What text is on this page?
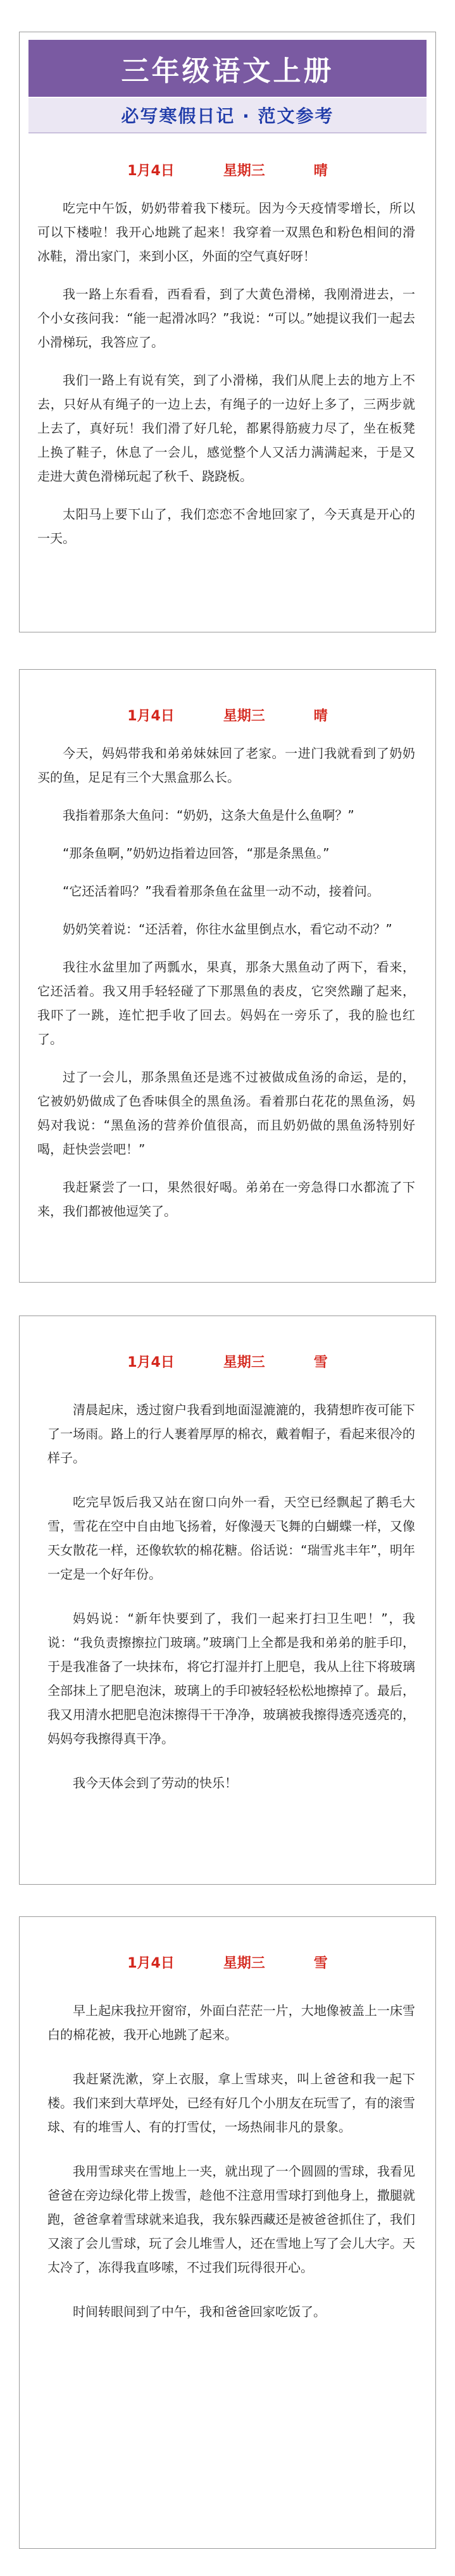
三年级语文上册
必写寒假日记 · 范文参考
1月4日	星期三	晴

吃完中午饭，奶奶带着我下楼玩。因为今天疫情零增长，所以可以下楼啦！我开心地跳了起来！我穿着一双黑色和粉色相间的滑冰鞋，滑出家门，来到小区，外面的空气真好呀！

我一路上东看看，西看看，到了大黄色滑梯，我刚滑进去，一个小女孩问我：“能一起滑冰吗？”我说：“可以。”她提议我们一起去小滑梯玩，我答应了。

我们一路上有说有笑，到了小滑梯，我们从爬上去的地方上不去，只好从有绳子的一边上去，有绳子的一边好上多了，三两步就上去了，真好玩！我们滑了好几轮，都累得筋疲力尽了，坐在板凳上换了鞋子，休息了一会儿，感觉整个人又活力满满起来，于是又走进大黄色滑梯玩起了秋千、跷跷板。

太阳马上要下山了，我们恋恋不舍地回家了，今天真是开心的一天。

1月4日	星期三	晴

今天，妈妈带我和弟弟妹妹回了老家。一进门我就看到了奶奶买的鱼，足足有三个大黑盒那么长。

我指着那条大鱼问：“奶奶，这条大鱼是什么鱼啊？”

“那条鱼啊，”奶奶边指着边回答，“那是条黑鱼。”

“它还活着吗？”我看着那条鱼在盆里一动不动，接着问。

奶奶笑着说：“还活着，你往水盆里倒点水，看它动不动？”

我往水盆里加了两瓢水，果真，那条大黑鱼动了两下，看来，它还活着。我又用手轻轻碰了下那黑鱼的表皮，它突然蹦了起来，我吓了一跳，连忙把手收了回去。妈妈在一旁乐了，我的脸也红了。

过了一会儿，那条黑鱼还是逃不过被做成鱼汤的命运，是的，它被奶奶做成了色香味俱全的黑鱼汤。看着那白花花的黑鱼汤，妈妈对我说：“黑鱼汤的营养价值很高，而且奶奶做的黑鱼汤特别好喝，赶快尝尝吧！”

我赶紧尝了一口，果然很好喝。弟弟在一旁急得口水都流了下来，我们都被他逗笑了。

1月4日	星期三	雪

清晨起床，透过窗户我看到地面湿漉漉的，我猜想昨夜可能下了一场雨。路上的行人裹着厚厚的棉衣，戴着帽子，看起来很冷的样子。

吃完早饭后我又站在窗口向外一看，天空已经飘起了鹅毛大雪，雪花在空中自由地飞扬着，好像漫天飞舞的白蝴蝶一样，又像天女散花一样，还像软软的棉花糖。俗话说：“瑞雪兆丰年”，明年一定是一个好年份。

妈妈说：“新年快要到了，我们一起来打扫卫生吧！”，我说：“我负责擦擦拉门玻璃。”玻璃门上全都是我和弟弟的脏手印，于是我准备了一块抹布，将它打湿并打上肥皂，我从上往下将玻璃全部抹上了肥皂泡沫，玻璃上的手印被轻轻松松地擦掉了。最后，我又用清水把肥皂泡沫擦得干干净净，玻璃被我擦得透亮透亮的，妈妈夸我擦得真干净。

我今天体会到了劳动的快乐！

1月4日	星期三	雪

早上起床我拉开窗帘，外面白茫茫一片，大地像被盖上一床雪白的棉花被，我开心地跳了起来。

我赶紧洗漱，穿上衣服，拿上雪球夹，叫上爸爸和我一起下楼。我们来到大草坪处，已经有好几个小朋友在玩雪了，有的滚雪球、有的堆雪人、有的打雪仗，一场热闹非凡的景象。

我用雪球夹在雪地上一夹，就出现了一个圆圆的雪球，我看见爸爸在旁边绿化带上拨雪，趁他不注意用雪球打到他身上，撒腿就跑，爸爸拿着雪球就来追我，我东躲西藏还是被爸爸抓住了，我们又滚了会儿雪球，玩了会儿堆雪人，还在雪地上写了会儿大字。天太冷了，冻得我直哆嗦，不过我们玩得很开心。

时间转眼间到了中午，我和爸爸回家吃饭了。
